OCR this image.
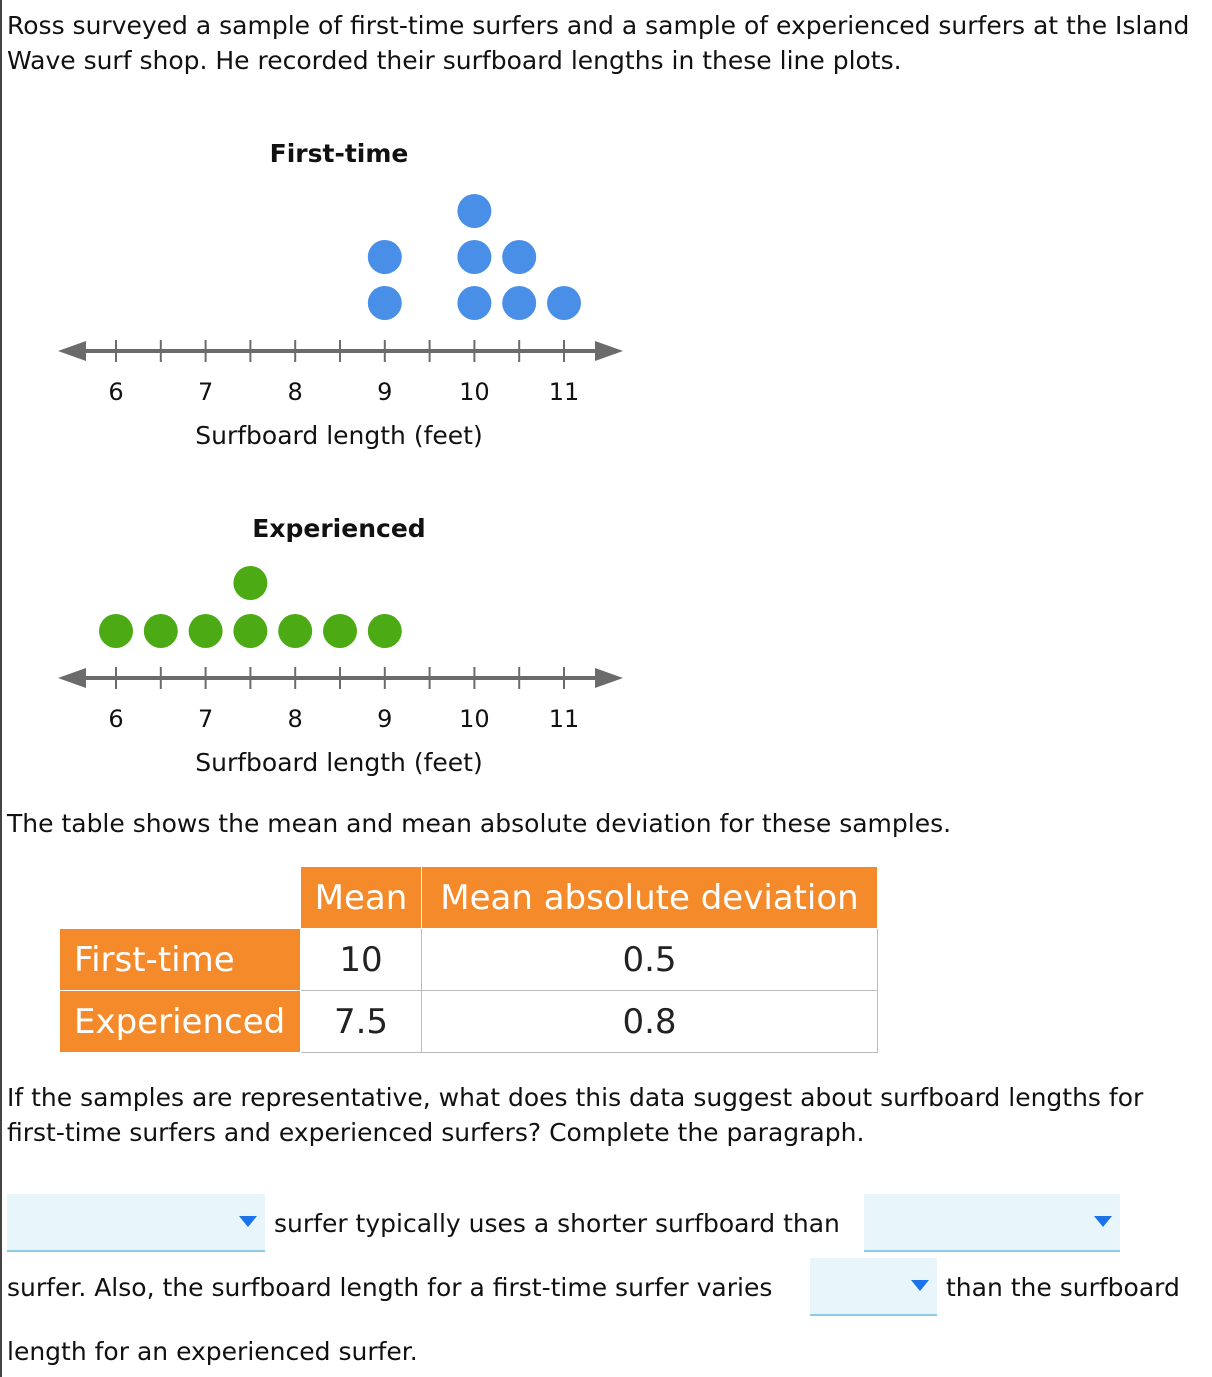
Ross surveyed a sample of first-time surfers and a sample of experienced surfers at the Island Wave surf shop. He recorded their surfboard lengths in these line plots.

First-time
6	7	8	9	10 11
Surfboard length (feet)
Experienced
6	7	8	9	10 11
Surfboard length (feet)

The table shows the mean and mean absolute deviation for these samples.

	Mean	Mean absolute deviation
First-time	10	0.5
Experienced	7.5	0.8

If the samples are representative, what does this data suggest about surfboard lengths for first-time surfers and experienced surfers? Complete the paragraph.

surfer typically uses a shorter surfboard than
surfer. Also, the surfboard length for a first-time surfer varies	than the surfboard
length for an experienced surfer.
